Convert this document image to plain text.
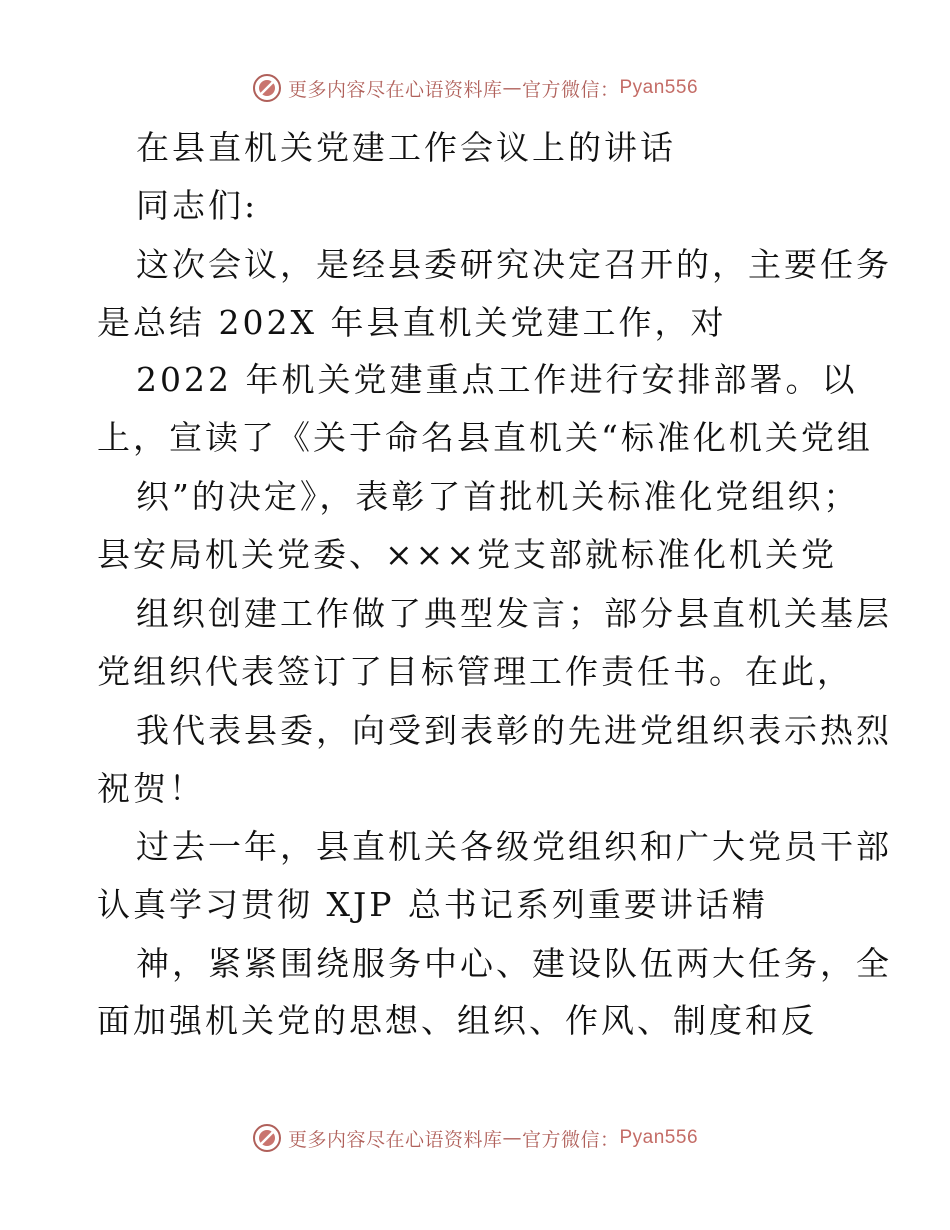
更多内容尽在心语资料库 — 官方微信： Pyan556
在县直机关党建工作会议上的讲话
同志们:
这次会议，是经县委研究决定召开的，主要任务
是总结 202X 年县直机关党建工作，对
2022 年机关党建重点工作进行安排部署。以
上，宣读了《关于命名县直机关“标准化机关党组
织”的决定》，表彰了首批机关标准化党组织；
县安局机关党委、×××党支部就标准化机关党
组织创建工作做了典型发言；部分县直机关基层
党组织代表签订了目标管理工作责任书。在此，
我代表县委，向受到表彰的先进党组织表示热烈
祝贺！
过去一年，县直机关各级党组织和广大党员干部
认真学习贯彻 XJP 总书记系列重要讲话精
神，紧紧围绕服务中心、建设队伍两大任务，全
面加强机关党的思想、组织、作风、制度和反
更多内容尽在心语资料库 — 官方微信： Pyan556
